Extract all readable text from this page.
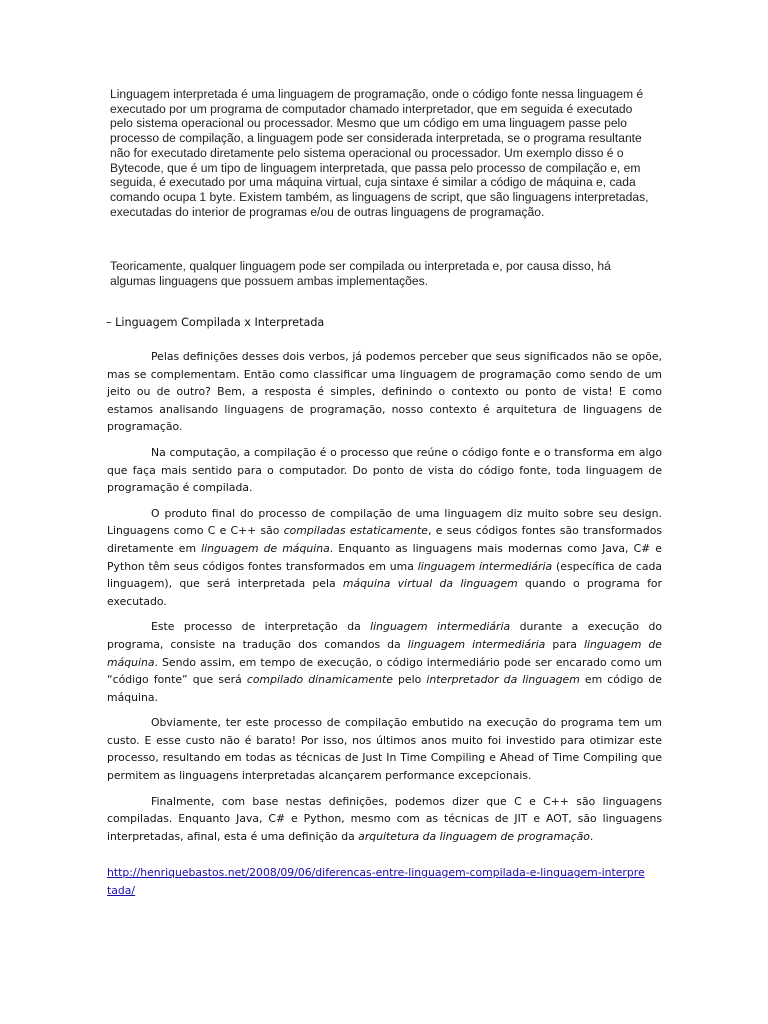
Linguagem interpretada é uma linguagem de programação, onde o código fonte nessa linguagem é executado por um programa de computador chamado interpretador, que em seguida é executado pelo sistema operacional ou processador. Mesmo que um código em uma linguagem passe pelo processo de compilação, a linguagem pode ser considerada interpretada, se o programa resultante não for executado diretamente pelo sistema operacional ou processador. Um exemplo disso é o Bytecode, que é um tipo de linguagem interpretada, que passa pelo processo de compilação e, em seguida, é executado por uma máquina virtual, cuja sintaxe é similar a código de máquina e, cada comando ocupa 1 byte. Existem também, as linguagens de script, que são linguagens interpretadas, executadas do interior de programas e/ou de outras linguagens de programação.
Teoricamente, qualquer linguagem pode ser compilada ou interpretada e, por causa disso, há algumas linguagens que possuem ambas implementações.
– Linguagem Compilada x Interpretada

Pelas definições desses dois verbos, já podemos perceber que seus significados não se opõe, mas se complementam. Então como classificar uma linguagem de programação como sendo de um jeito ou de outro? Bem, a resposta é simples, definindo o contexto ou ponto de vista! E como estamos analisando linguagens de programação, nosso contexto é arquitetura de linguagens de programação.

Na computação, a compilação é o processo que reúne o código fonte e o transforma em algo que faça mais sentido para o computador. Do ponto de vista do código fonte, toda linguagem de programação é compilada.

O produto final do processo de compilação de uma linguagem diz muito sobre seu design. Linguagens como C e C++ são compiladas estaticamente, e seus códigos fontes são transformados diretamente em linguagem de máquina. Enquanto as linguagens mais modernas como Java, C# e Python têm seus códigos fontes transformados em uma linguagem intermediária (específica de cada linguagem), que será interpretada pela máquina virtual da linguagem quando o programa for executado.

Este processo de interpretação da linguagem intermediária durante a execução do programa, consiste na tradução dos comandos da linguagem intermediária para linguagem de máquina. Sendo assim, em tempo de execução, o código intermediário pode ser encarado como um “código fonte” que será compilado dinamicamente pelo interpretador da linguagem em código de máquina.

Obviamente, ter este processo de compilação embutido na execução do programa tem um custo. E esse custo não é barato! Por isso, nos últimos anos muito foi investido para otimizar este processo, resultando em todas as técnicas de Just In Time Compiling e Ahead of Time Compiling que permitem as linguagens interpretadas alcançarem performance excepcionais.

Finalmente, com base nestas definições, podemos dizer que C e C++ são linguagens compiladas. Enquanto Java, C# e Python, mesmo com as técnicas de JIT e AOT, são linguagens interpretadas, afinal, esta é uma definição da arquitetura da linguagem de programação.

http://henriquebastos.net/2008/09/06/diferencas-entre-linguagem-compilada-e-linguagem-interpretada/
